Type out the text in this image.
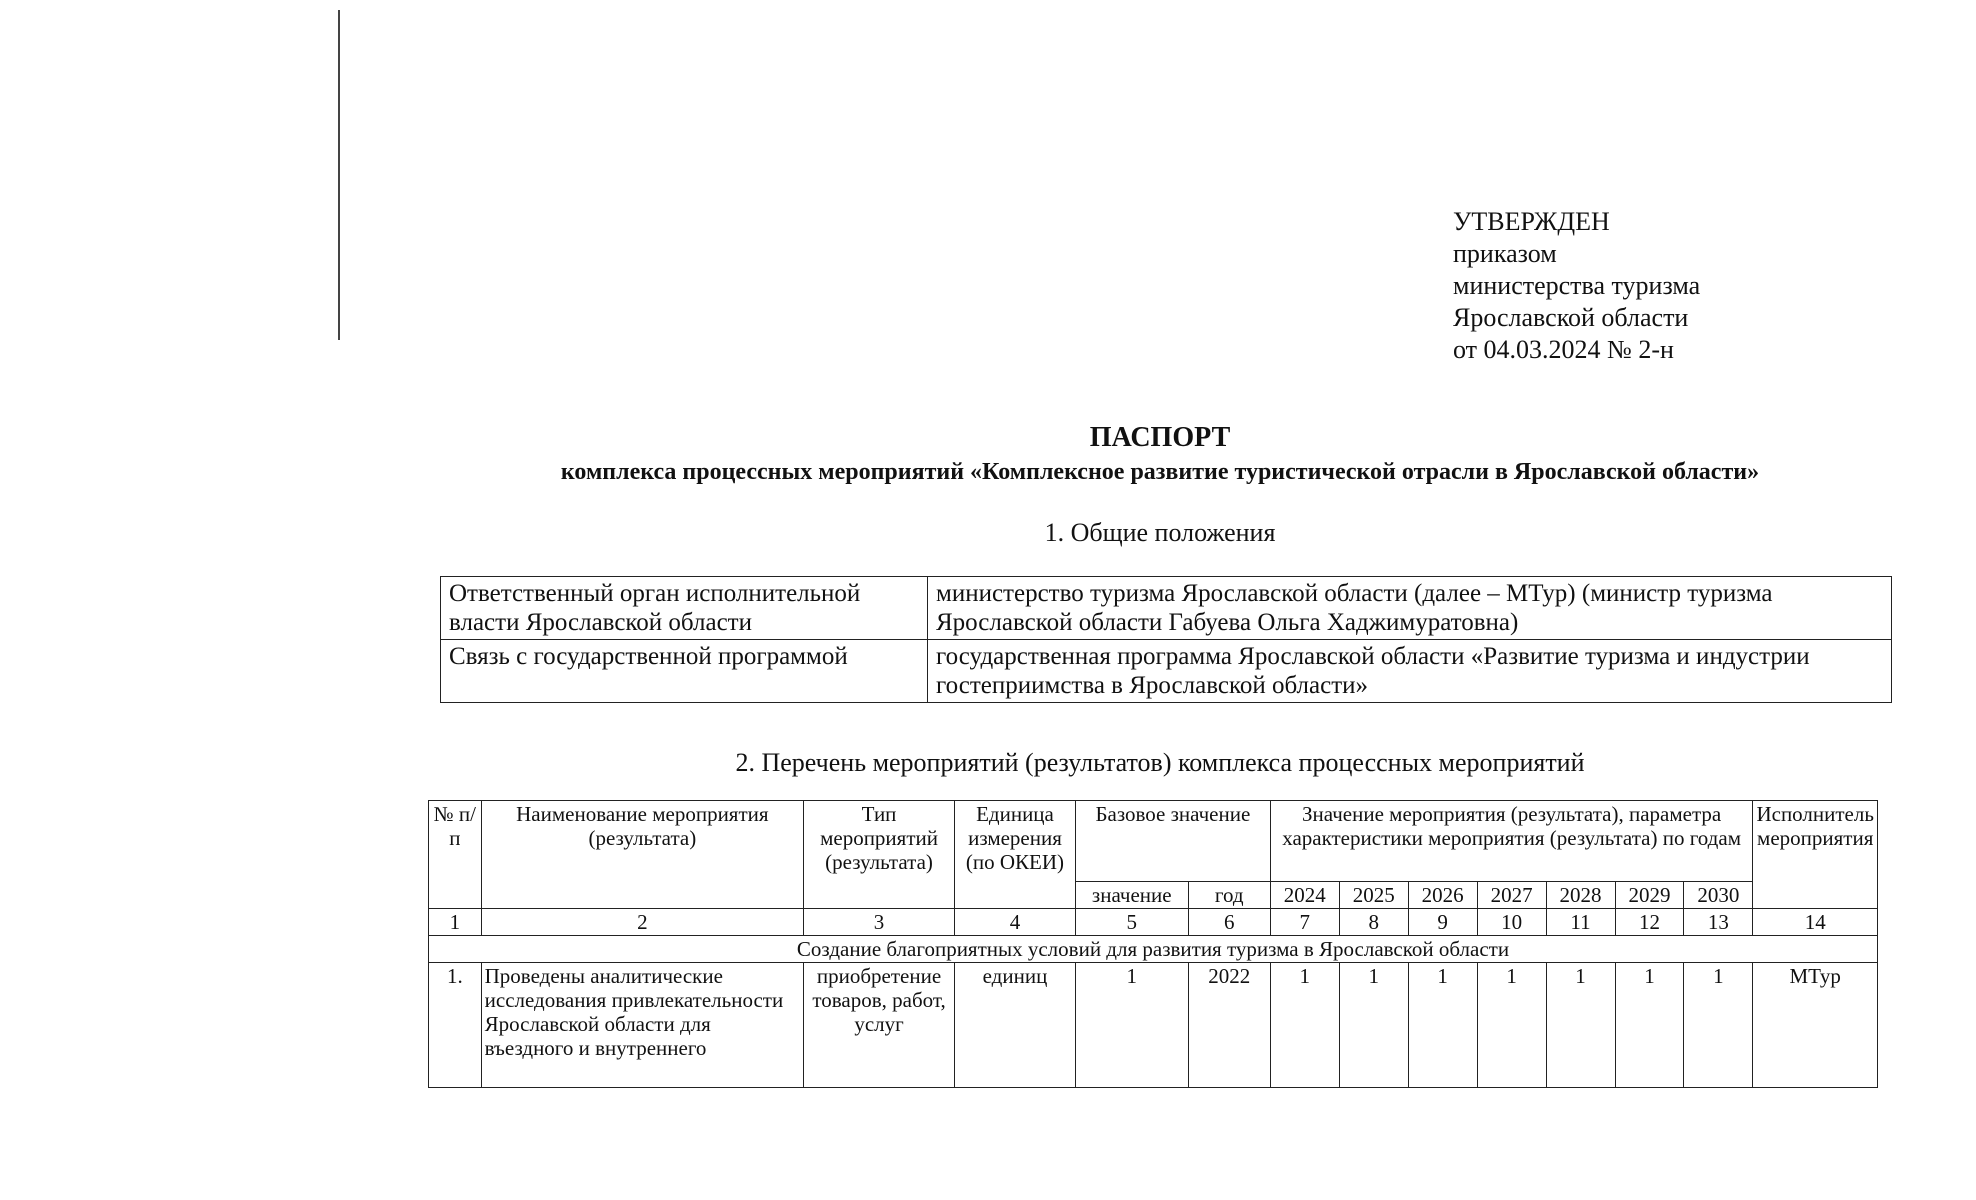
УТВЕРЖДЕН
приказом
министерства туризма
Ярославской области
от 04.03.2024 № 2-н
ПАСПОРТ
комплекса процессных мероприятий «Комплексное развитие туристической отрасли в Ярославской области»
1. Общие положения
Ответственный орган исполнительной власти Ярославской области	министерство туризма Ярославской области (далее – МТур) (министр туризма Ярославской области Габуева Ольга Хаджимуратовна)
Связь с государственной программой	государственная программа Ярославской области «Развитие туризма и индустрии гостеприимства в Ярославской области»
2. Перечень мероприятий (результатов) комплекса процессных мероприятий
№ п/п	Наименование мероприятия (результата)	Тип мероприятий (результата)	Единица измерения (по ОКЕИ)	Базовое значение		Значение мероприятия (результата), параметра характеристики мероприятия (результата) по годам							Исполнитель мероприятия
				значение	год	2024	2025	2026	2027	2028	2029	2030	
1	2	3	4	5	6	7	8	9	10	11	12	13	14
Создание благоприятных условий для развития туризма в Ярославской области													
1.	Проведены аналитические исследования привлекательности Ярославской области для въездного и внутреннего	приобретение товаров, работ, услуг	единиц	1	2022	1	1	1	1	1	1	1	МТур
